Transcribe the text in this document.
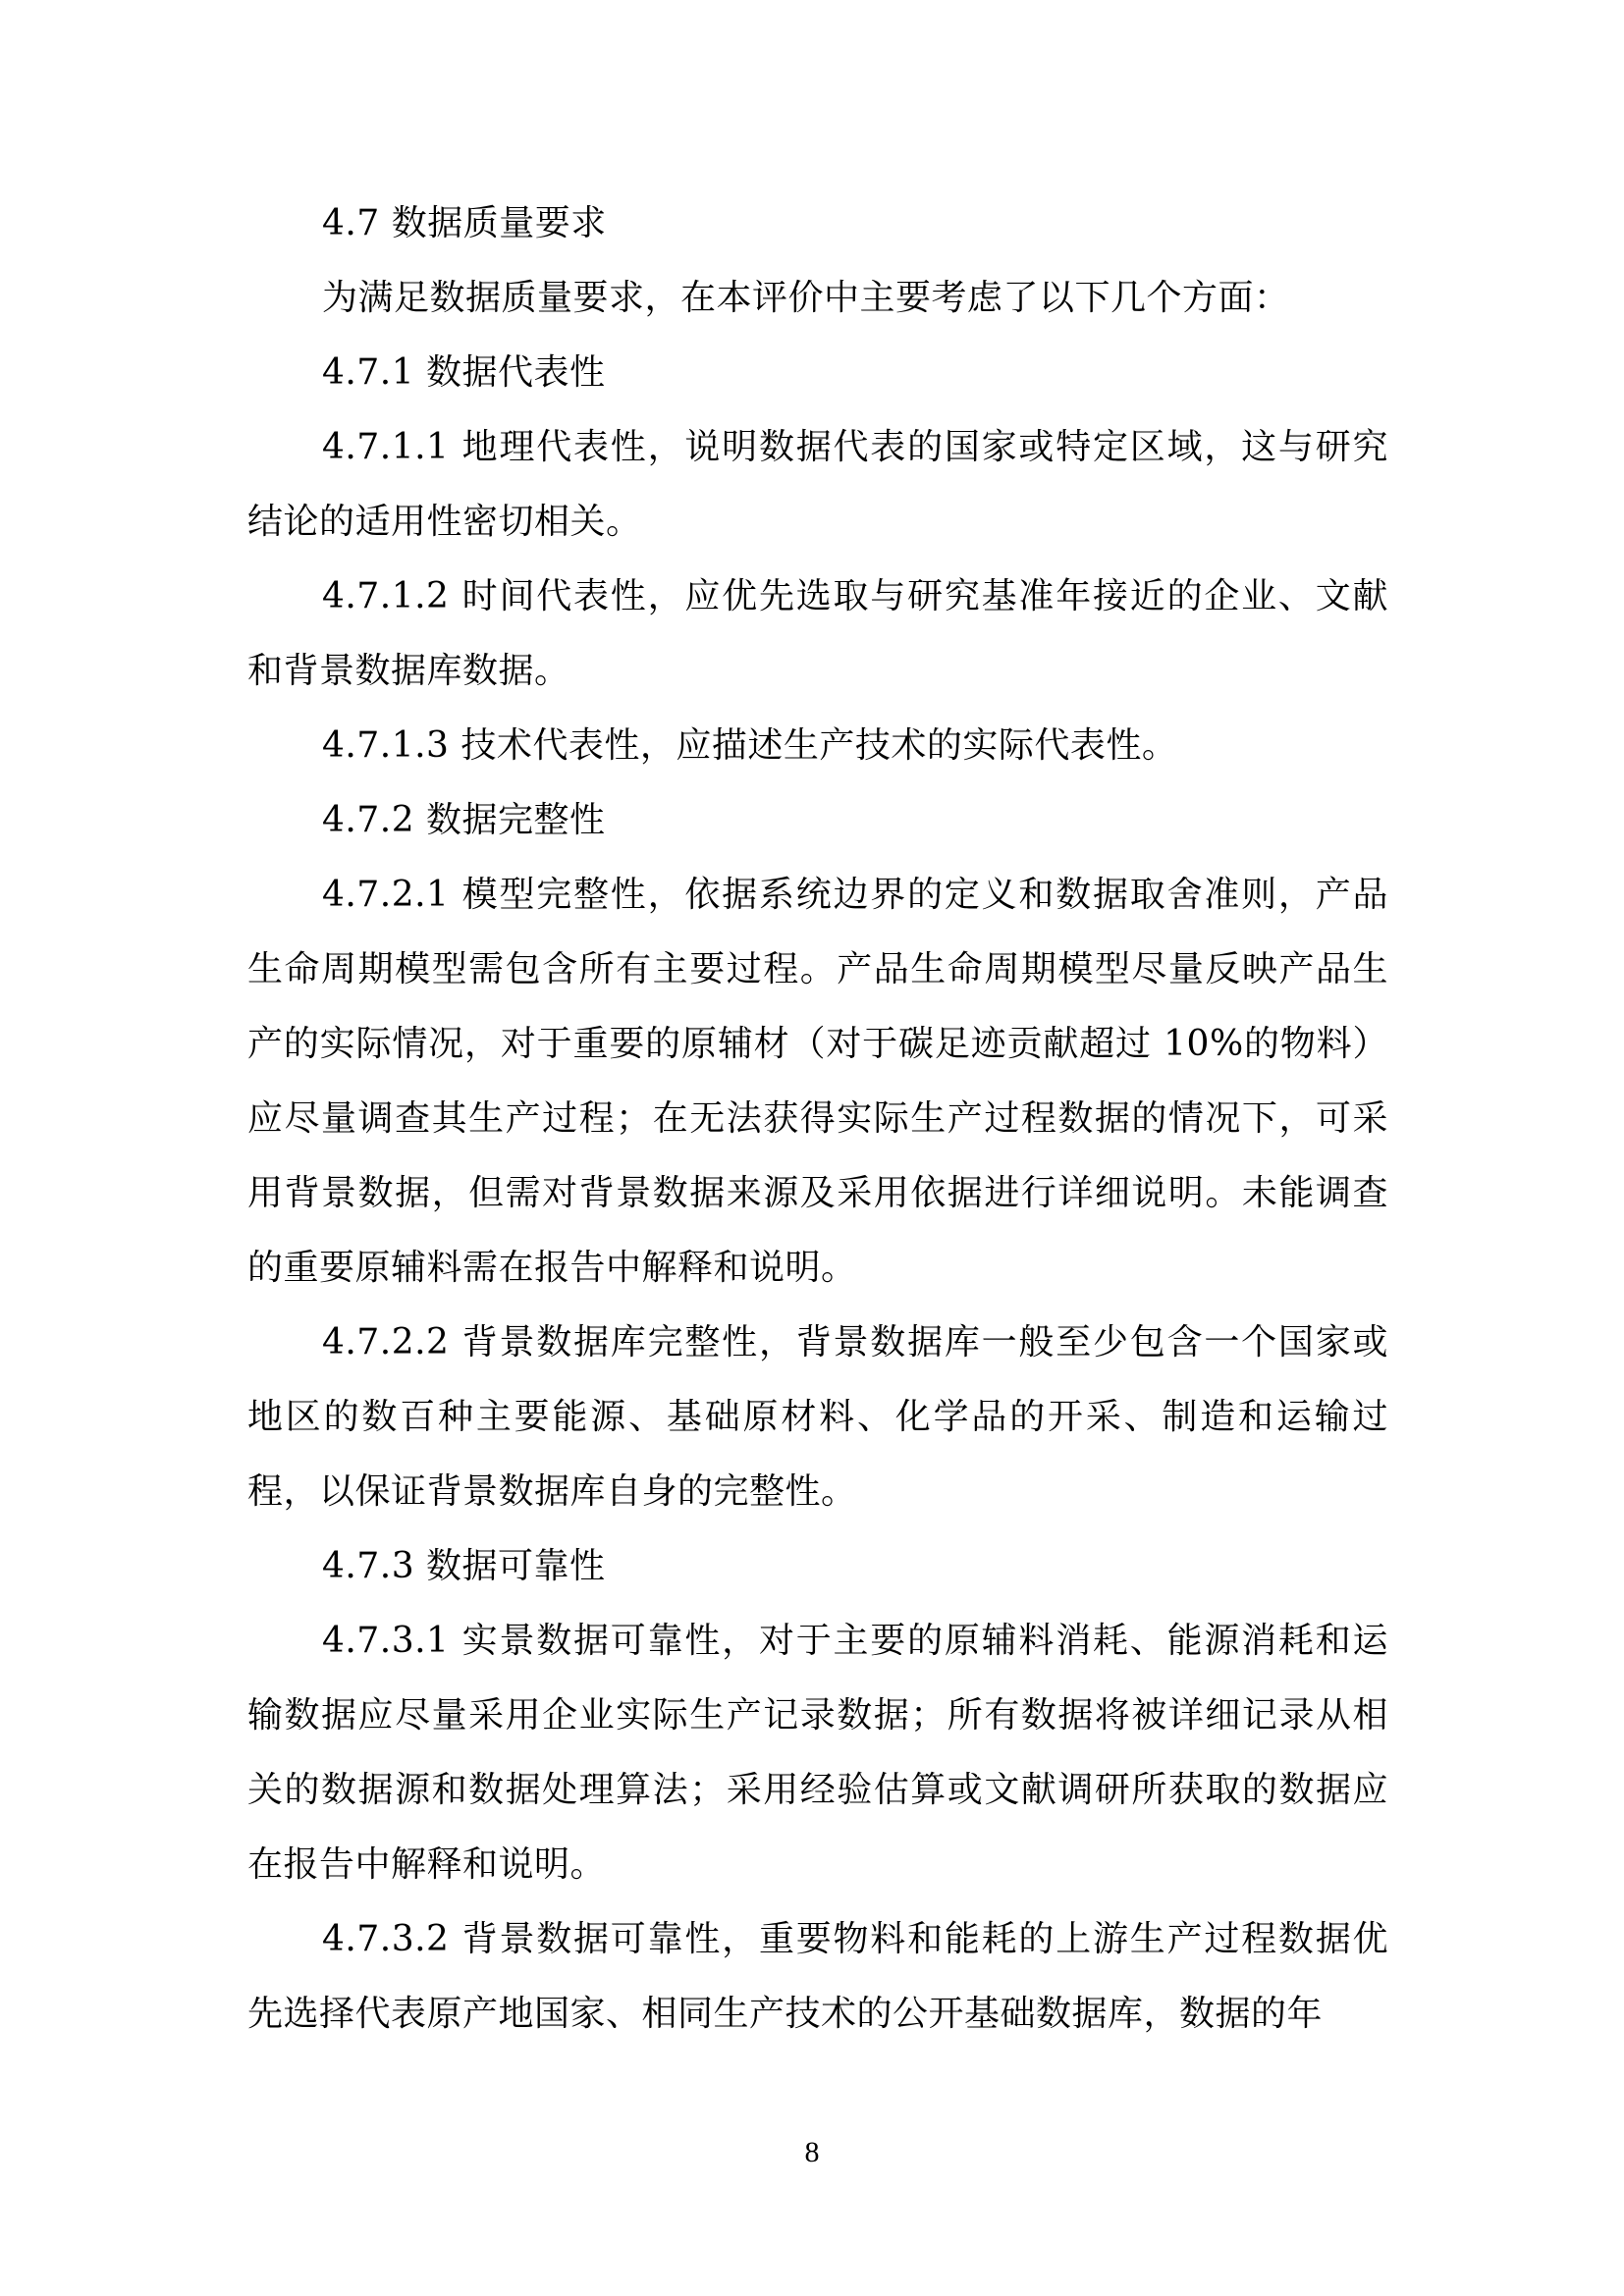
4.7 数据质量要求

为满足数据质量要求，在本评价中主要考虑了以下几个方面：

4.7.1 数据代表性

4.7.1.1 地理代表性，说明数据代表的国家或特定区域，这与研究结论的适用性密切相关。

4.7.1.2 时间代表性，应优先选取与研究基准年接近的企业、文献和背景数据库数据。

4.7.1.3 技术代表性，应描述生产技术的实际代表性。

4.7.2 数据完整性

4.7.2.1 模型完整性，依据系统边界的定义和数据取舍准则，产品生命周期模型需包含所有主要过程。产品生命周期模型尽量反映产品生产的实际情况，对于重要的原辅材（对于碳足迹贡献超过 10%的物料）应尽量调查其生产过程；在无法获得实际生产过程数据的情况下，可采用背景数据，但需对背景数据来源及采用依据进行详细说明。未能调查的重要原辅料需在报告中解释和说明。

4.7.2.2 背景数据库完整性，背景数据库一般至少包含一个国家或地区的数百种主要能源、基础原材料、化学品的开采、制造和运输过程，以保证背景数据库自身的完整性。

4.7.3 数据可靠性

4.7.3.1 实景数据可靠性，对于主要的原辅料消耗、能源消耗和运输数据应尽量采用企业实际生产记录数据；所有数据将被详细记录从相关的数据源和数据处理算法；采用经验估算或文献调研所获取的数据应在报告中解释和说明。

4.7.3.2 背景数据可靠性，重要物料和能耗的上游生产过程数据优先选择代表原产地国家、相同生产技术的公开基础数据库，数据的年

8
